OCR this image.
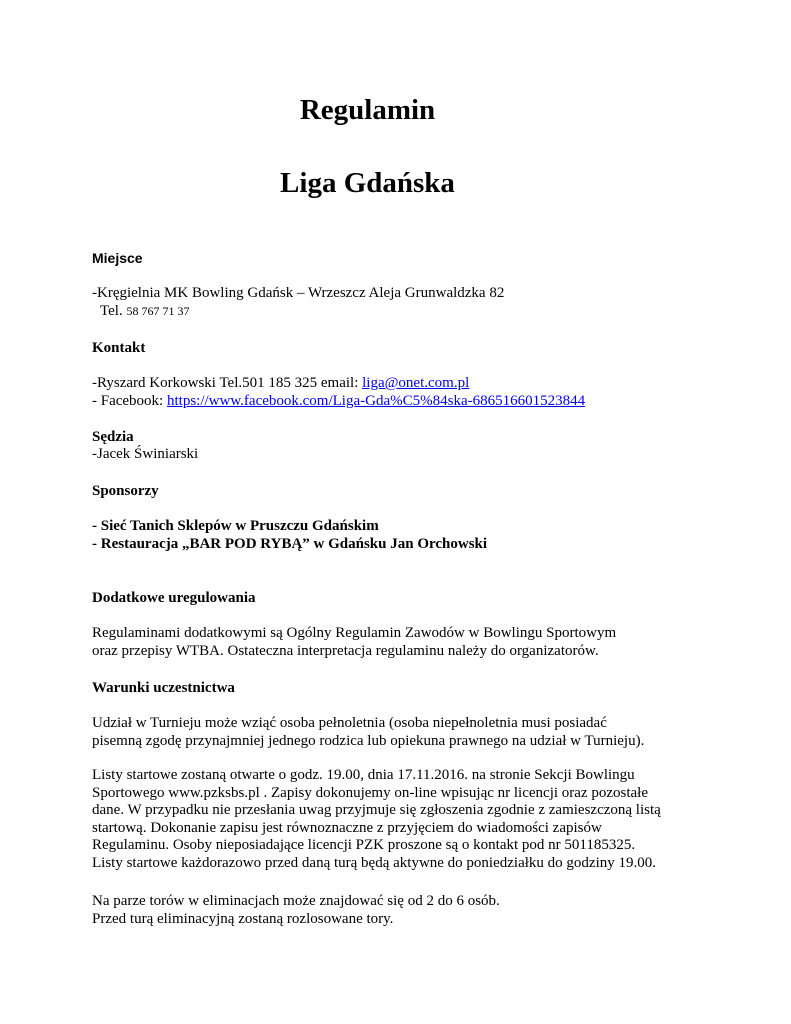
Regulamin
Liga Gdańska
Miejsce
-Kręgielnia MK Bowling Gdańsk – Wrzeszcz Aleja Grunwaldzka 82
Tel. 58 767 71 37
Kontakt
-Ryszard Korkowski Tel.501 185 325 email: liga@onet.com.pl
- Facebook: https://www.facebook.com/Liga-Gda%C5%84ska-686516601523844
Sędzia
-Jacek Świniarski
Sponsorzy
- Sieć Tanich Sklepów w Pruszczu Gdańskim
- Restauracja „BAR POD RYBĄ” w Gdańsku Jan Orchowski
Dodatkowe uregulowania
Regulaminami dodatkowymi są Ogólny Regulamin Zawodów w Bowlingu Sportowym
oraz przepisy WTBA. Ostateczna interpretacja regulaminu należy do organizatorów.
Warunki uczestnictwa
Udział w Turnieju może wziąć osoba pełnoletnia (osoba niepełnoletnia musi posiadać
pisemną zgodę przynajmniej jednego rodzica lub opiekuna prawnego na udział w Turnieju).
Listy startowe zostaną otwarte o godz. 19.00, dnia 17.11.2016. na stronie Sekcji Bowlingu
Sportowego www.pzksbs.pl . Zapisy dokonujemy on-line wpisując nr licencji oraz pozostałe
dane. W przypadku nie przesłania uwag przyjmuje się zgłoszenia zgodnie z zamieszczoną listą
startową. Dokonanie zapisu jest równoznaczne z przyjęciem do wiadomości zapisów
Regulaminu. Osoby nieposiadające licencji PZK proszone są o kontakt pod nr 501185325.
Listy startowe każdorazowo przed daną turą będą aktywne do poniedziałku do godziny 19.00.
Na parze torów w eliminacjach może znajdować się od 2 do 6 osób.
Przed turą eliminacyjną zostaną rozlosowane tory.
